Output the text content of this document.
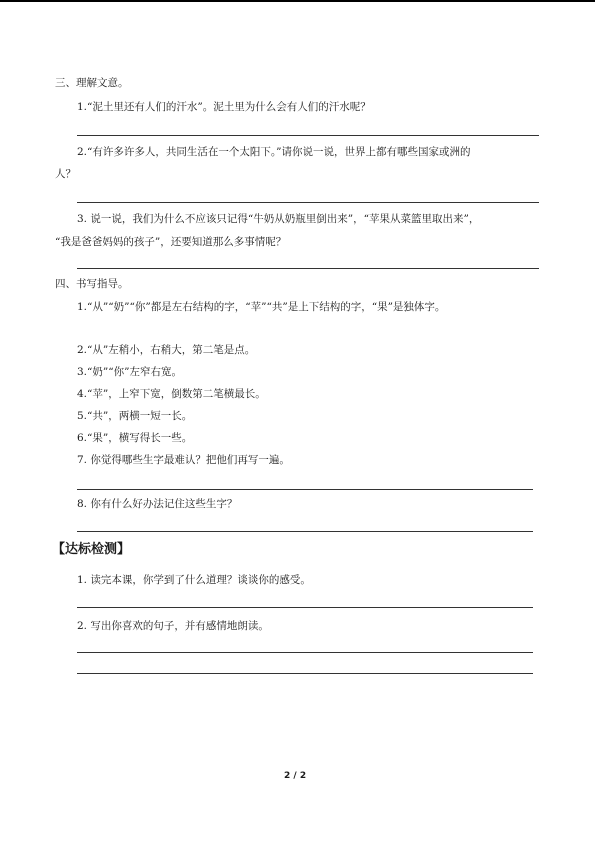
三、理解文意。
1.“泥土里还有人们的汗水”。泥土里为什么会有人们的汗水呢？
2.“有许多许多人，共同生活在一个太阳下。”请你说一说，世界上都有哪些国家或洲的
人？
3. 说一说，我们为什么不应该只记得“牛奶从奶瓶里倒出来”，“苹果从菜篮里取出来”，
“我是爸爸妈妈的孩子”，还要知道那么多事情呢？
四、书写指导。
1.“从”“奶”“你”都是左右结构的字，“苹”“共”是上下结构的字，“果”是独体字。
2.“从”左稍小，右稍大，第二笔是点。
3.“奶”“你”左窄右宽。
4.“苹”，上窄下宽，倒数第二笔横最长。
5.“共”，两横一短一长。
6.“果”，横写得长一些。
7. 你觉得哪些生字最难认？把他们再写一遍。
8. 你有什么好办法记住这些生字？
【达标检测】
1. 读完本课，你学到了什么道理？谈谈你的感受。
2. 写出你喜欢的句子，并有感情地朗读。
2 / 2
